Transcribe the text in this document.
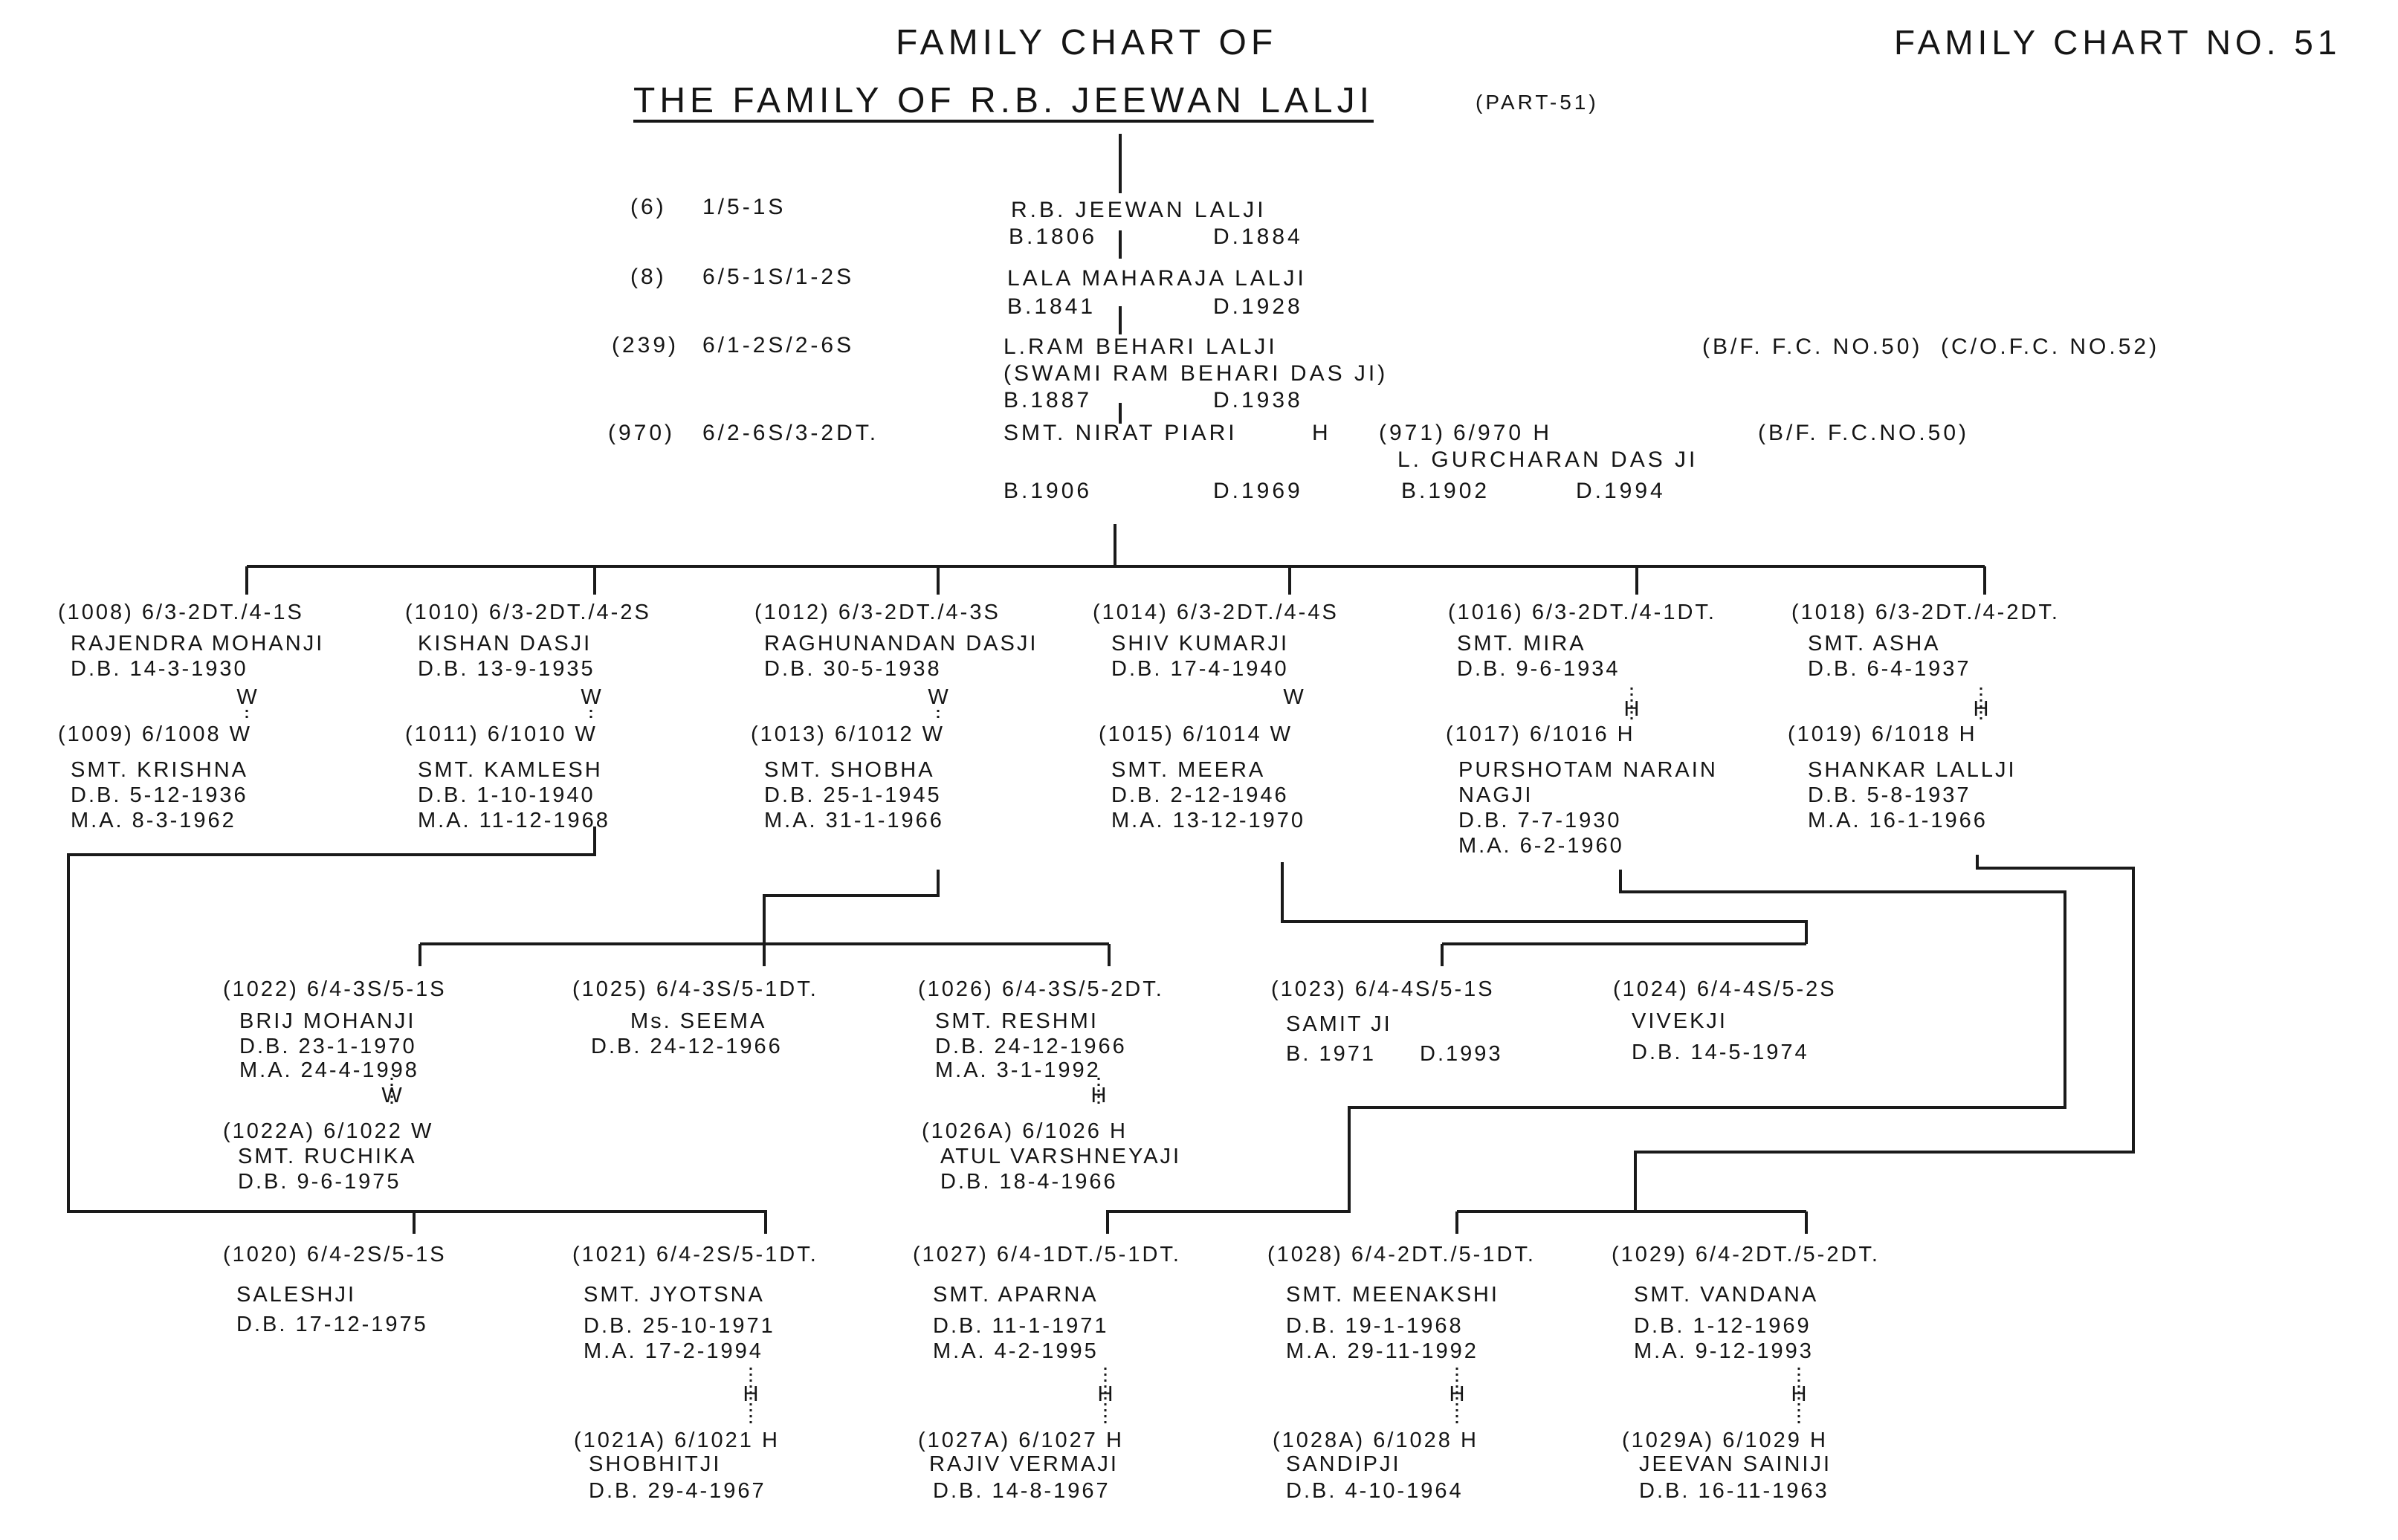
FAMILY CHART OF
THE FAMILY OF R.B. JEEWAN LALJI	(PART-51)
FAMILY CHART NO. 51
(6) 1/5-1S	R.B. JEEWAN LALJI
B.1806	D.1884
(8) 6/5-1S/1-2S	LALA MAHARAJA LALJI
B.1841	D.1928
(239) 6/1-2S/2-6S	L.RAM BEHARI LALJI
(SWAMI RAM BEHARI DAS JI)
B.1887	D.1938
(B/F. F.C. NO.50)  (C/O.F.C. NO.52)
(970) 6/2-6S/3-2DT.	SMT. NIRAT PIARI	H
B.1906	D.1969
(971) 6/970 H
L. GURCHARAN DAS JI
B.1902	D.1994
(B/F. F.C.NO.50)
(1008) 6/3-2DT./4-1S
RAJENDRA MOHANJI
D.B. 14-3-1930
W
(1009) 6/1008 W
SMT. KRISHNA
D.B. 5-12-1936
M.A. 8-3-1962
(1010) 6/3-2DT./4-2S
KISHAN DASJI
D.B. 13-9-1935
W
(1011) 6/1010 W
SMT. KAMLESH
D.B. 1-10-1940
M.A. 11-12-1968
(1012) 6/3-2DT./4-3S
RAGHUNANDAN DASJI
D.B. 30-5-1938
W
(1013) 6/1012 W
SMT. SHOBHA
D.B. 25-1-1945
M.A. 31-1-1966
(1014) 6/3-2DT./4-4S
SHIV KUMARJI
D.B. 17-4-1940
W
(1015) 6/1014 W
SMT. MEERA
D.B. 2-12-1946
M.A. 13-12-1970
(1016) 6/3-2DT./4-1DT.
SMT. MIRA
D.B. 9-6-1934
H
(1017) 6/1016 H
PURSHOTAM NARAIN
NAGJI
D.B. 7-7-1930
M.A. 6-2-1960
(1018) 6/3-2DT./4-2DT.
SMT. ASHA
D.B. 6-4-1937
H
(1019) 6/1018 H
SHANKAR LALLJI
D.B. 5-8-1937
M.A. 16-1-1966
(1022) 6/4-3S/5-1S
BRIJ MOHANJI
D.B. 23-1-1970
M.A. 24-4-1998
W
(1022A) 6/1022 W
SMT. RUCHIKA
D.B. 9-6-1975
(1025) 6/4-3S/5-1DT.
Ms. SEEMA
D.B. 24-12-1966
(1026) 6/4-3S/5-2DT.
SMT. RESHMI
D.B. 24-12-1966
M.A. 3-1-1992
H
(1026A) 6/1026 H
ATUL VARSHNEYAJI
D.B. 18-4-1966
(1023) 6/4-4S/5-1S
SAMIT JI
B. 1971 D.1993
(1024) 6/4-4S/5-2S
VIVEKJI
D.B. 14-5-1974
(1020) 6/4-2S/5-1S
SALESHJI
D.B. 17-12-1975
(1021) 6/4-2S/5-1DT.
SMT. JYOTSNA
D.B. 25-10-1971
M.A. 17-2-1994
H
(1021A) 6/1021 H
SHOBHITJI
D.B. 29-4-1967
(1027) 6/4-1DT./5-1DT.
SMT. APARNA
D.B. 11-1-1971
M.A. 4-2-1995
H
(1027A) 6/1027 H
RAJIV VERMAJI
D.B. 14-8-1967
(1028) 6/4-2DT./5-1DT.
SMT. MEENAKSHI
D.B. 19-1-1968
M.A. 29-11-1992
H
(1028A) 6/1028 H
SANDIPJI
D.B. 4-10-1964
(1029) 6/4-2DT./5-2DT.
SMT. VANDANA
D.B. 1-12-1969
M.A. 9-12-1993
H
(1029A) 6/1029 H
JEEVAN SAINIJI
D.B. 16-11-1963
